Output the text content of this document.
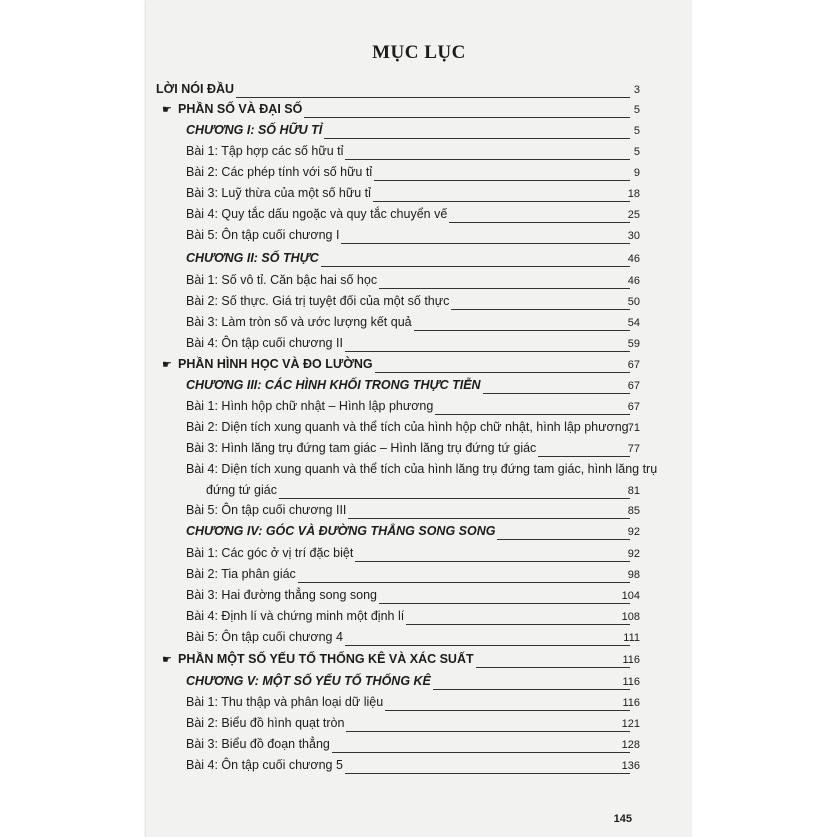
MỤC LỤC
LỜI NÓI ĐẦU	3
☛ PHẦN SỐ VÀ ĐẠI SỐ	5
CHƯƠNG I: SỐ HỮU TỈ	5
Bài 1: Tập hợp các số hữu tỉ	5
Bài 2: Các phép tính với số hữu tỉ	9
Bài 3: Luỹ thừa của một số hữu tỉ	18
Bài 4: Quy tắc dấu ngoặc và quy tắc chuyển vế	25
Bài 5: Ôn tập cuối chương I	30
CHƯƠNG II: SỐ THỰC	46
Bài 1: Số vô tỉ. Căn bậc hai số học	46
Bài 2: Số thực. Giá trị tuyệt đối của một số thực	50
Bài 3: Làm tròn số và ước lượng kết quả	54
Bài 4: Ôn tập cuối chương II	59
☛ PHẦN HÌNH HỌC VÀ ĐO LƯỜNG	67
CHƯƠNG III: CÁC HÌNH KHỐI TRONG THỰC TIỄN	67
Bài 1: Hình hộp chữ nhật – Hình lập phương	67
Bài 2: Diện tích xung quanh và thể tích của hình hộp chữ nhật, hình lập phương 71
Bài 3: Hình lăng trụ đứng tam giác – Hình lăng trụ đứng tứ giác	77
Bài 4: Diện tích xung quanh và thể tích của hình lăng trụ đứng tam giác, hình lăng trụ
đứng tứ giác	81
Bài 5: Ôn tập cuối chương III	85
CHƯƠNG IV: GÓC VÀ ĐƯỜNG THẲNG SONG SONG	92
Bài 1: Các góc ở vị trí đặc biệt	92
Bài 2: Tia phân giác	98
Bài 3: Hai đường thẳng song song	104
Bài 4: Định lí và chứng minh một định lí	108
Bài 5: Ôn tập cuối chương 4	111
☛ PHẦN MỘT SỐ YẾU TỐ THỐNG KÊ VÀ XÁC SUẤT	116
CHƯƠNG V: MỘT SỐ YẾU TỐ THỐNG KÊ	116
Bài 1: Thu thập và phân loại dữ liệu	116
Bài 2: Biểu đồ hình quạt tròn	121
Bài 3: Biểu đồ đoạn thẳng	128
Bài 4: Ôn tập cuối chương 5	136
145
